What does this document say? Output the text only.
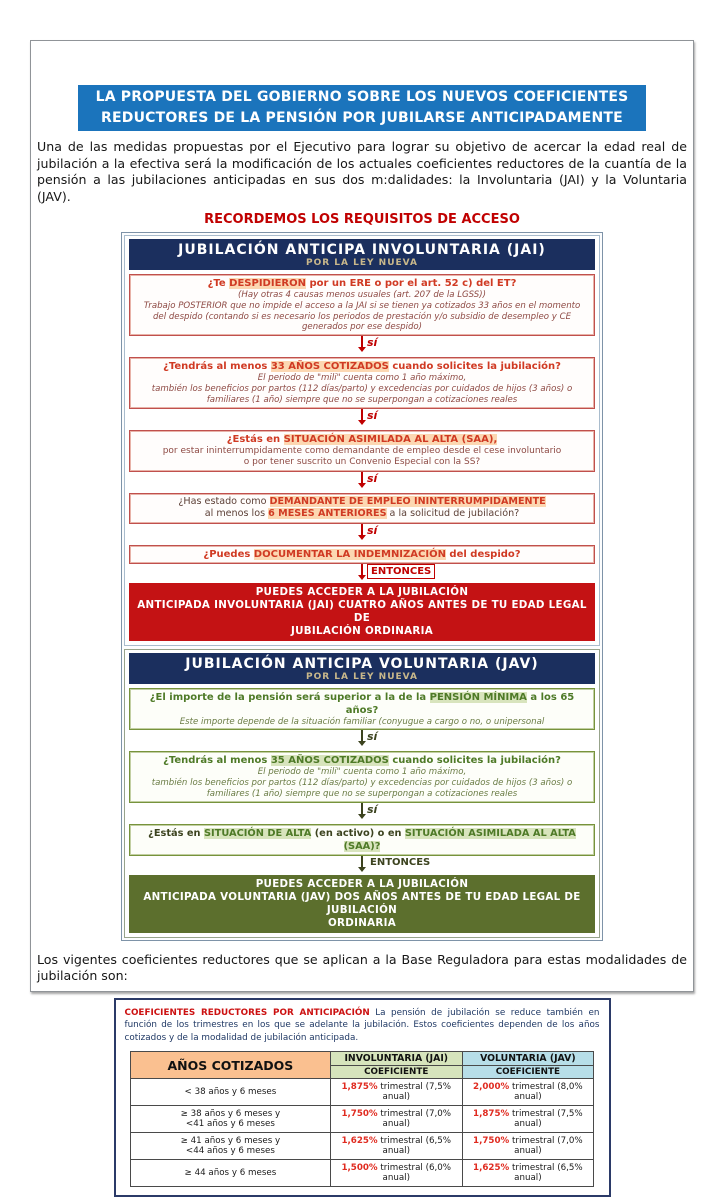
LA PROPUESTA DEL GOBIERNO SOBRE LOS NUEVOS COEFICIENTES
REDUCTORES DE LA PENSIÓN POR JUBILARSE ANTICIPADAMENTE
Una de las medidas propuestas por el Ejecutivo para lograr su objetivo de acercar la edad real de jubilación a la efectiva será la modificación de los actuales coeficientes reductores de la cuantía de la pensión a las jubilaciones anticipadas en sus dos m:dalidades: la Involuntaria (JAI) y la Voluntaria (JAV).
RECORDEMOS LOS REQUISITOS DE ACCESO
JUBILACIÓN ANTICIPA INVOLUNTARIA (JAI)
POR LA LEY NUEVA
¿Te DESPIDIERON por un ERE o por el art. 52 c) del ET?
(Hay otras 4 causas menos usuales (art. 207 de la LGSS))
Trabajo POSTERIOR que no impide el acceso a la JAI si se tienen ya cotizados 33 años en el momento del despido (contando si es necesario los periodos de prestación y/o subsidio de desempleo y CE generados por ese despido)
sí
¿Tendrás al menos 33 AÑOS COTIZADOS cuando solicites la jubilación?
El periodo de "mili" cuenta como 1 año máximo,
también los beneficios por partos (112 días/parto) y excedencias por cuidados de hijos (3 años) o familiares (1 año) siempre que no se superpongan a cotizaciones reales
sí
¿Estás en SITUACIÓN ASIMILADA AL ALTA (SAA),
por estar ininterrumpidamente como demandante de empleo desde el cese involuntario
o por tener suscrito un Convenio Especial con la SS?
sí
¿Has estado como DEMANDANTE DE EMPLEO ININTERRUMPIDAMENTE
al menos los 6 MESES ANTERIORES a la solicitud de jubilación?
sí
¿Puedes DOCUMENTAR LA INDEMNIZACIÓN del despido?
ENTONCES
PUEDES ACCEDER A LA JUBILACIÓN
ANTICIPADA INVOLUNTARIA (JAI) CUATRO AÑOS ANTES DE TU EDAD LEGAL DE
JUBILACIÓN ORDINARIA
JUBILACIÓN ANTICIPA VOLUNTARIA (JAV)
POR LA LEY NUEVA
¿El importe de la pensión será superior a la de la PENSIÓN MÍNIMA a los 65 años?
Este importe depende de la situación familiar (conyugue a cargo o no, o unipersonal
sí
¿Tendrás al menos 35 AÑOS COTIZADOS cuando solicites la jubilación?
El periodo de "mili" cuenta como 1 año máximo,
también los beneficios por partos (112 días/parto) y excedencias por cuidados de hijos (3 años) o familiares (1 año) siempre que no se superpongan a cotizaciones reales
sí
¿Estás en SITUACIÓN DE ALTA (en activo) o en SITUACIÓN ASIMILADA AL ALTA (SAA)?
ENTONCES
PUEDES ACCEDER A LA JUBILACIÓN
ANTICIPADA VOLUNTARIA (JAV) DOS AÑOS ANTES DE TU EDAD LEGAL DE JUBILACIÓN
ORDINARIA
Los vigentes coeficientes reductores que se aplican a la Base Reguladora para estas modalidades de jubilación son:
COEFICIENTES REDUCTORES POR ANTICIPACIÓN La pensión de jubilación se reduce también en función de los trimestres en los que se adelante la jubilación. Estos coeficientes dependen de los años cotizados y de la modalidad de jubilación anticipada.
AÑOS COTIZADOS	INVOLUNTARIA (JAI)	VOLUNTARIA (JAV)
	COEFICIENTE	COEFICIENTE

< 38 años y 6 meses	1,875% trimestral (7,5% anual)	2,000% trimestral (8,0% anual)

≥ 38 años y 6 meses y
<41 años y 6 meses	1,750% trimestral (7,0% anual)	1,875% trimestral (7,5% anual)

≥ 41 años y 6 meses y
<44 años y 6 meses	1,625% trimestral (6,5% anual)	1,750% trimestral (7,0% anual)

≥ 44 años y 6 meses	1,500% trimestral (6,0% anual)	1,625% trimestral (6,5% anual)
